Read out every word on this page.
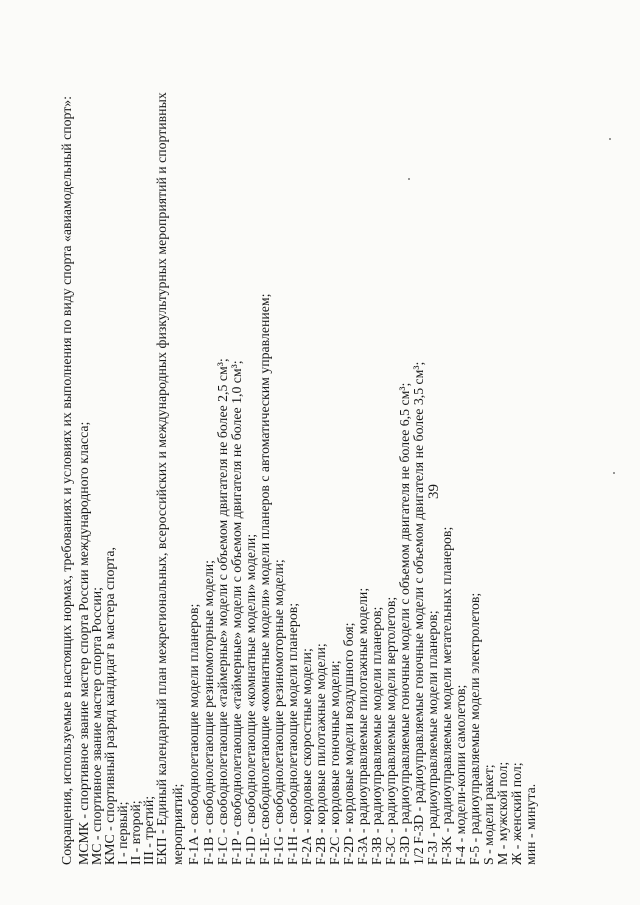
39
Сокращения, используемые в настоящих нормах, требованиях и условиях их выполнения по виду спорта «авиамодельный спорт»: МСМК - спортивное звание мастер спорта России международного класса;
МС - спортивное звание мастер спорта России;
КМС - спортивный разряд кандидат в мастера спорта,
I - первый;
II - второй;
III - третий;
ЕКП - Единый календарный план межрегиональных, всероссийских и международных физкультурных мероприятий и спортивных мероприятий; F-1A - свободнолетающие модели планеров; F-1B - свободнолетающие резиномоторные модели; F-1C - свободнолетающие «таймерные» модели с объемом двигателя не более 2,5 см³; F-1P - свободнолетающие «таймерные» модели с объемом двигателя не более 1,0 см³; F-1D - свободнолетающие «комнатные модели» модели; F-1E- свободнолетающие «комнатные модели» модели планеров с автоматическим управлением; F-1G - свободнолетающие резиномоторные модели; F-1H - свободнолетающие модели планеров; F-2A - кордовые скоростные модели; F-2B - кордовые пилотажные модели; F-2C - кордовые гоночные модели; F-2D - кордовые модели воздушного боя; F-3A - радиоуправляемые пилотажные модели; F-3B - радиоуправляемые модели планеров; F-3C - радиоуправляемые модели вертолетов; F-3D - радиоуправляемые гоночные модели с объемом двигателя не более 6,5 см³; 1/2 F-3D - радиоуправляемые гоночные модели с объемом двигателя не более 3,5 см³; F-3J - радиоуправляемые модели планеров; F-3K - радиоуправляемые модели метательных планеров; F-4 - модели-копии самолетов; F-5 - радиоуправляемые модели электролетов; S - модели ракет; М - мужской пол; Ж - женский пол; мин - минута.
